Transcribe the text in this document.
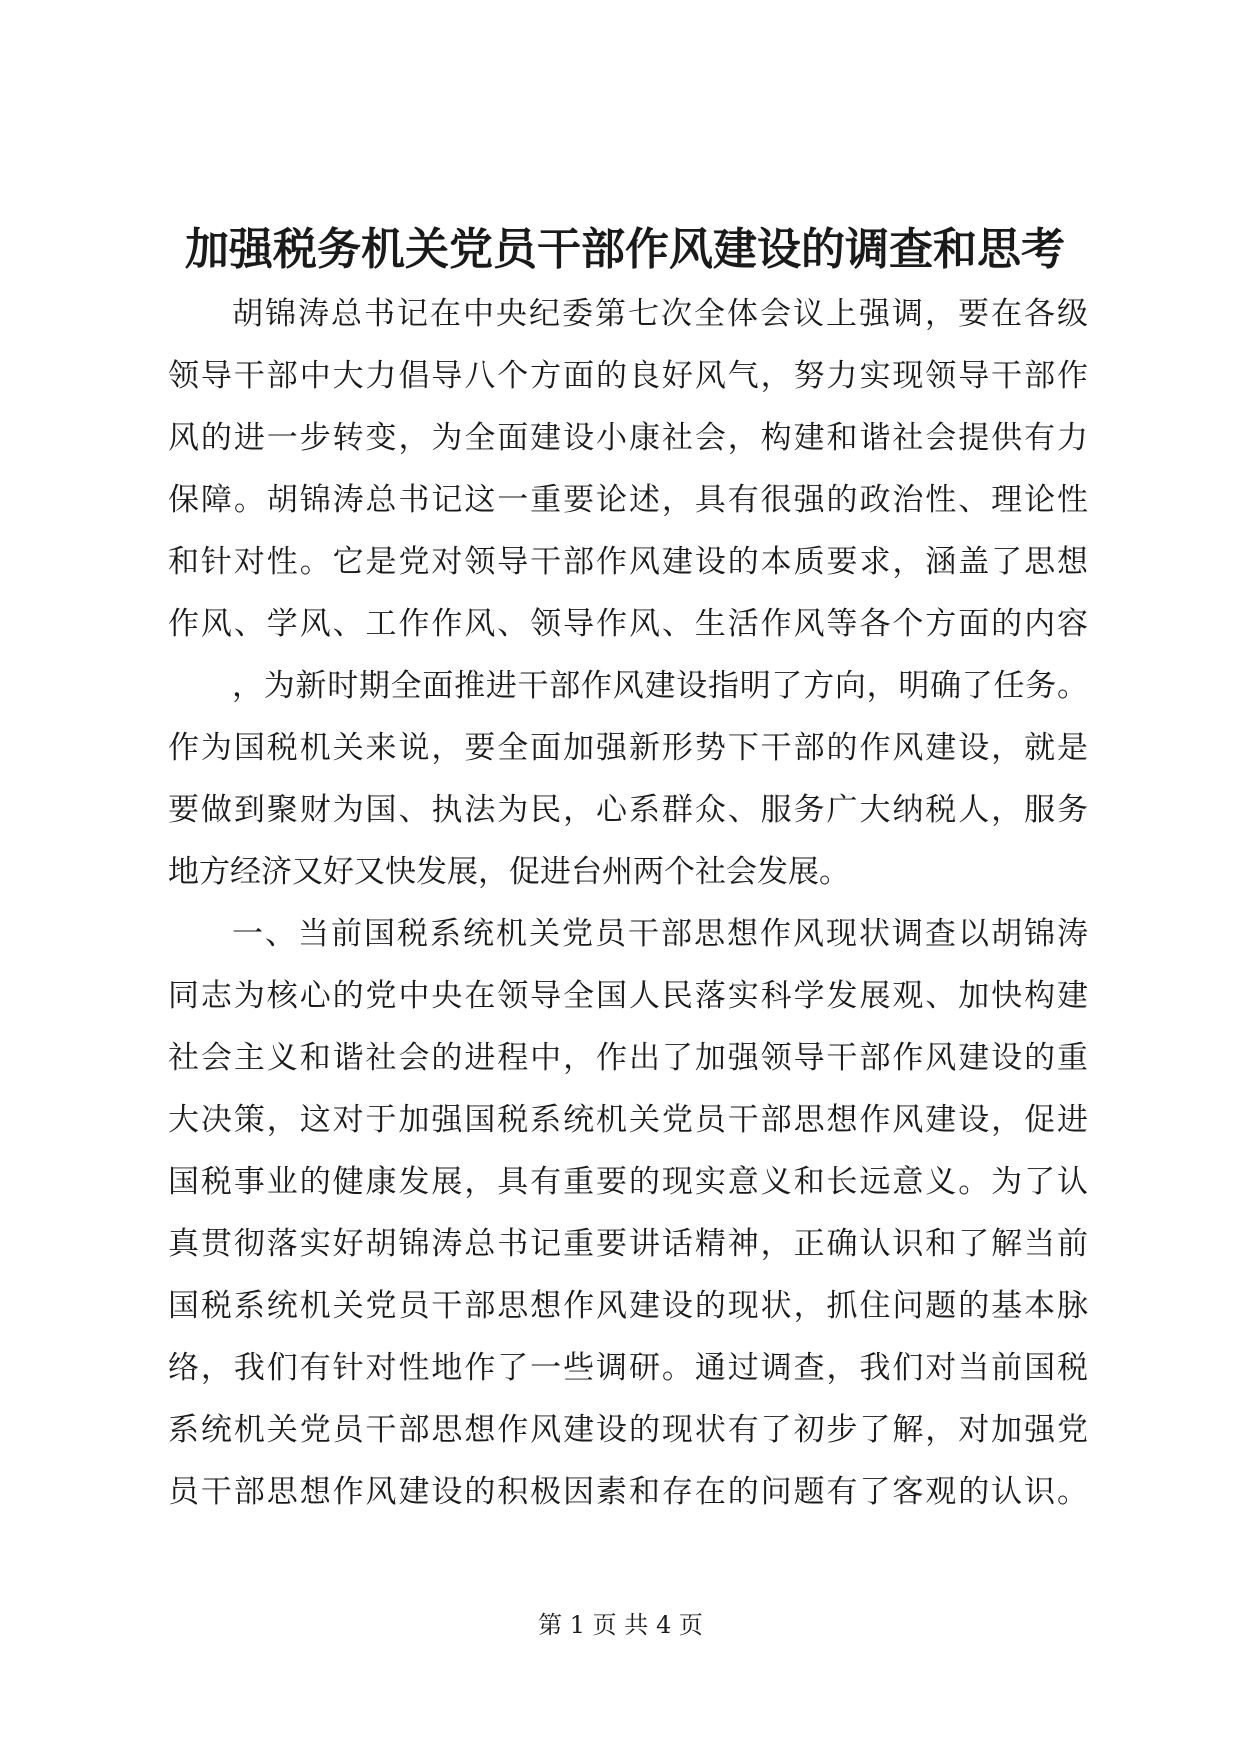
加强税务机关党员干部作风建设的调查和思考
胡锦涛总书记在中央纪委第七次全体会议上强调，要在各级
领导干部中大力倡导八个方面的良好风气，努力实现领导干部作
风的进一步转变，为全面建设小康社会，构建和谐社会提供有力
保障。胡锦涛总书记这一重要论述，具有很强的政治性、理论性
和针对性。它是党对领导干部作风建设的本质要求，涵盖了思想
作风、学风、工作作风、领导作风、生活作风等各个方面的内容
，为新时期全面推进干部作风建设指明了方向，明确了任务。
作为国税机关来说，要全面加强新形势下干部的作风建设，就是
要做到聚财为国、执法为民，心系群众、服务广大纳税人，服务
地方经济又好又快发展，促进台州两个社会发展。
一、当前国税系统机关党员干部思想作风现状调查以胡锦涛
同志为核心的党中央在领导全国人民落实科学发展观、加快构建
社会主义和谐社会的进程中，作出了加强领导干部作风建设的重
大决策，这对于加强国税系统机关党员干部思想作风建设，促进
国税事业的健康发展，具有重要的现实意义和长远意义。为了认
真贯彻落实好胡锦涛总书记重要讲话精神，正确认识和了解当前
国税系统机关党员干部思想作风建设的现状，抓住问题的基本脉
络，我们有针对性地作了一些调研。通过调查，我们对当前国税
系统机关党员干部思想作风建设的现状有了初步了解，对加强党
员干部思想作风建设的积极因素和存在的问题有了客观的认识。
第 1 页 共 4 页
